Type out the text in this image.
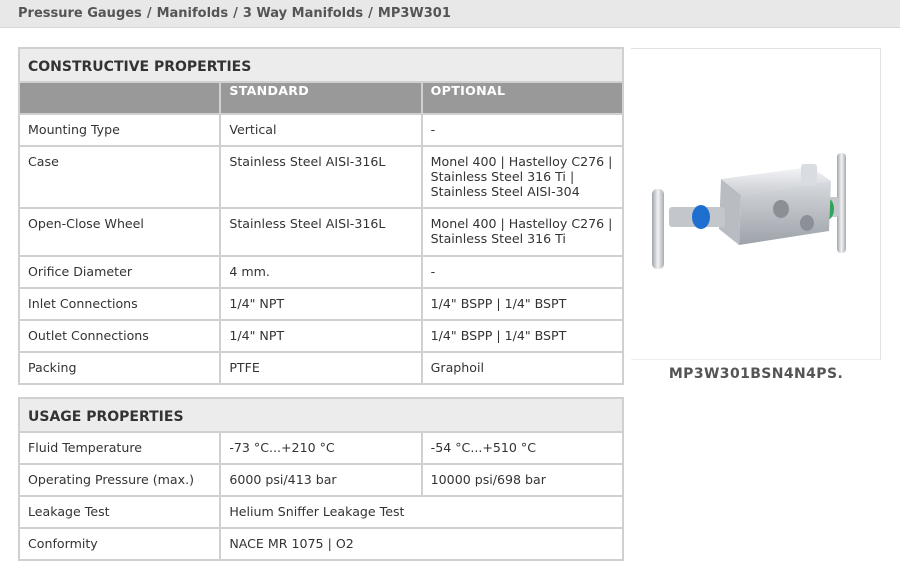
Pressure Gauges / Manifolds / 3 Way Manifolds / MP3W301
CONSTRUCTIVE PROPERTIES		
	STANDARD	OPTIONAL
Mounting Type	Vertical	-
Case	Stainless Steel AISI-316L	Monel 400 | Hastelloy C276 | Stainless Steel 316 Ti | Stainless Steel AISI-304
Open-Close Wheel	Stainless Steel AISI-316L	Monel 400 | Hastelloy C276 | Stainless Steel 316 Ti
Orifice Diameter	4 mm.	-
Inlet Connections	1/4" NPT	1/4" BSPP | 1/4" BSPT
Outlet Connections	1/4" NPT	1/4" BSPP | 1/4" BSPT
Packing	PTFE	Graphoil
USAGE PROPERTIES		
Fluid Temperature	-73 °C...+210 °C	-54 °C...+510 °C
Operating Pressure (max.)	6000 psi/413 bar	10000 psi/698 bar
Leakage Test	Helium Sniffer Leakage Test	
Conformity	NACE MR 1075 | O2	
MP3W301BSN4N4PS.
